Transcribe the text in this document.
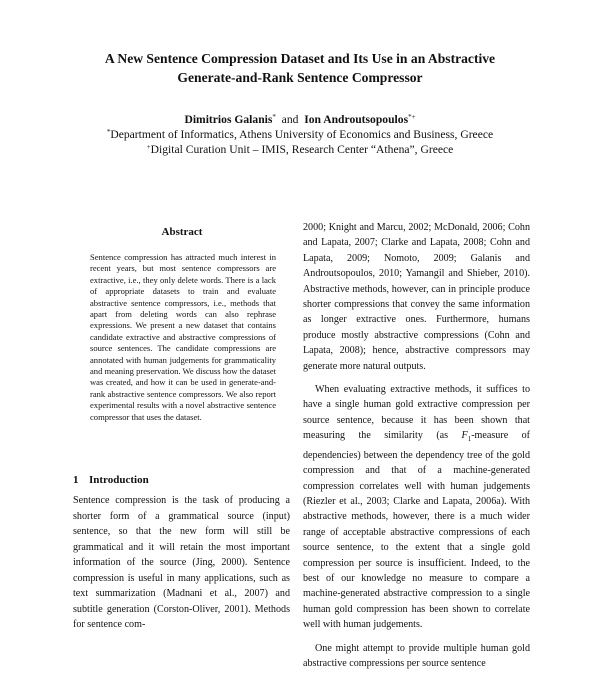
A New Sentence Compression Dataset and Its Use in an Abstractive
Generate-and-Rank Sentence Compressor
Dimitrios Galanis* and Ion Androutsopoulos*+
*Department of Informatics, Athens University of Economics and Business, Greece
+Digital Curation Unit – IMIS, Research Center “Athena”, Greece
Abstract
Sentence compression has attracted much interest in recent years, but most sentence compressors are extractive, i.e., they only delete words. There is a lack of appropriate datasets to train and evaluate abstractive sentence compressors, i.e., methods that apart from deleting words can also rephrase expressions. We present a new dataset that contains candidate extractive and abstractive compressions of source sentences. The candidate compressions are annotated with human judgements for grammaticality and meaning preservation. We discuss how the dataset was created, and how it can be used in generate-and-rank abstractive sentence compressors. We also report experimental results with a novel abstractive sentence compressor that uses the dataset.
1 Introduction

Sentence compression is the task of producing a shorter form of a grammatical source (input) sentence, so that the new form will still be grammatical and it will retain the most important information of the source (Jing, 2000). Sentence compression is useful in many applications, such as text summarization (Madnani et al., 2007) and subtitle generation (Corston-Oliver, 2001). Methods for sentence com-

2000; Knight and Marcu, 2002; McDonald, 2006; Cohn and Lapata, 2007; Clarke and Lapata, 2008; Cohn and Lapata, 2009; Nomoto, 2009; Galanis and Androutsopoulos, 2010; Yamangil and Shieber, 2010). Abstractive methods, however, can in principle produce shorter compressions that convey the same information as longer extractive ones. Furthermore, humans produce mostly abstractive compressions (Cohn and Lapata, 2008); hence, abstractive compressors may generate more natural outputs.

When evaluating extractive methods, it suffices to have a single human gold extractive compression per source sentence, because it has been shown that measuring the similarity (as $F_1$-measure of dependencies) between the dependency tree of the gold compression and that of a machine-generated compression correlates well with human judgements (Riezler et al., 2003; Clarke and Lapata, 2006a). With abstractive methods, however, there is a much wider range of acceptable abstractive compressions of each source sentence, to the extent that a single gold compression per source is insufficient. Indeed, to the best of our knowledge no measure to compare a machine-generated abstractive compression to a single human gold compression has been shown to correlate well with human judgements.

One might attempt to provide multiple human gold abstractive compressions per source sentence
